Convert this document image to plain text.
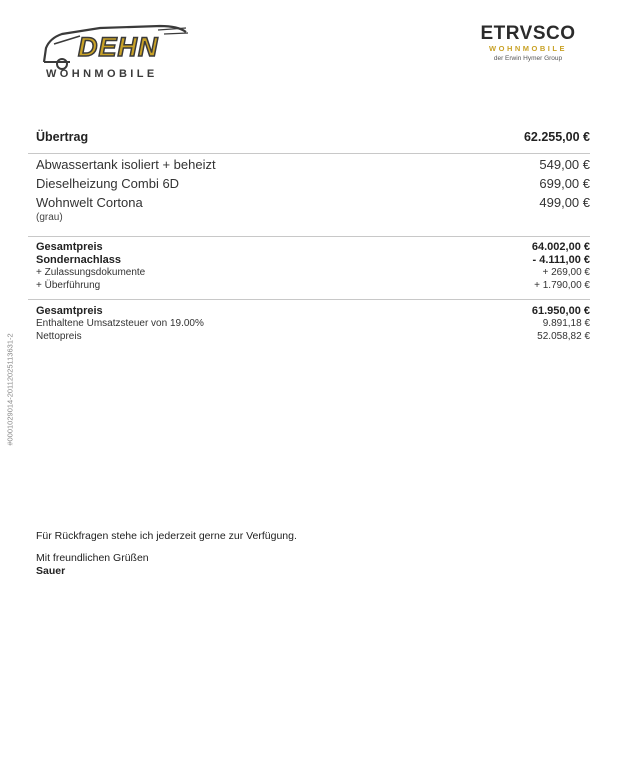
#0001029014-20112025113631-2
DEHN
WOHNMOBILE
ETRVSCO
WOHNMOBILE
der Erwin Hymer Group
Übertrag	62.255,00 €
Abwassertank isoliert + beheizt	549,00 €
Dieselheizung Combi 6D	699,00 €
Wohnwelt Cortona	499,00 €
(grau)
Gesamtpreis	64.002,00 €
Sondernachlass	- 4.111,00 €
+ Zulassungsdokumente	+ 269,00 €
+ Überführung	+ 1.790,00 €
Gesamtpreis	61.950,00 €
Enthaltene Umsatzsteuer von 19.00%	9.891,18 €
Nettopreis	52.058,82 €

Für Rückfragen stehe ich jederzeit gerne zur Verfügung.

Mit freundlichen Grüßen

Sauer
